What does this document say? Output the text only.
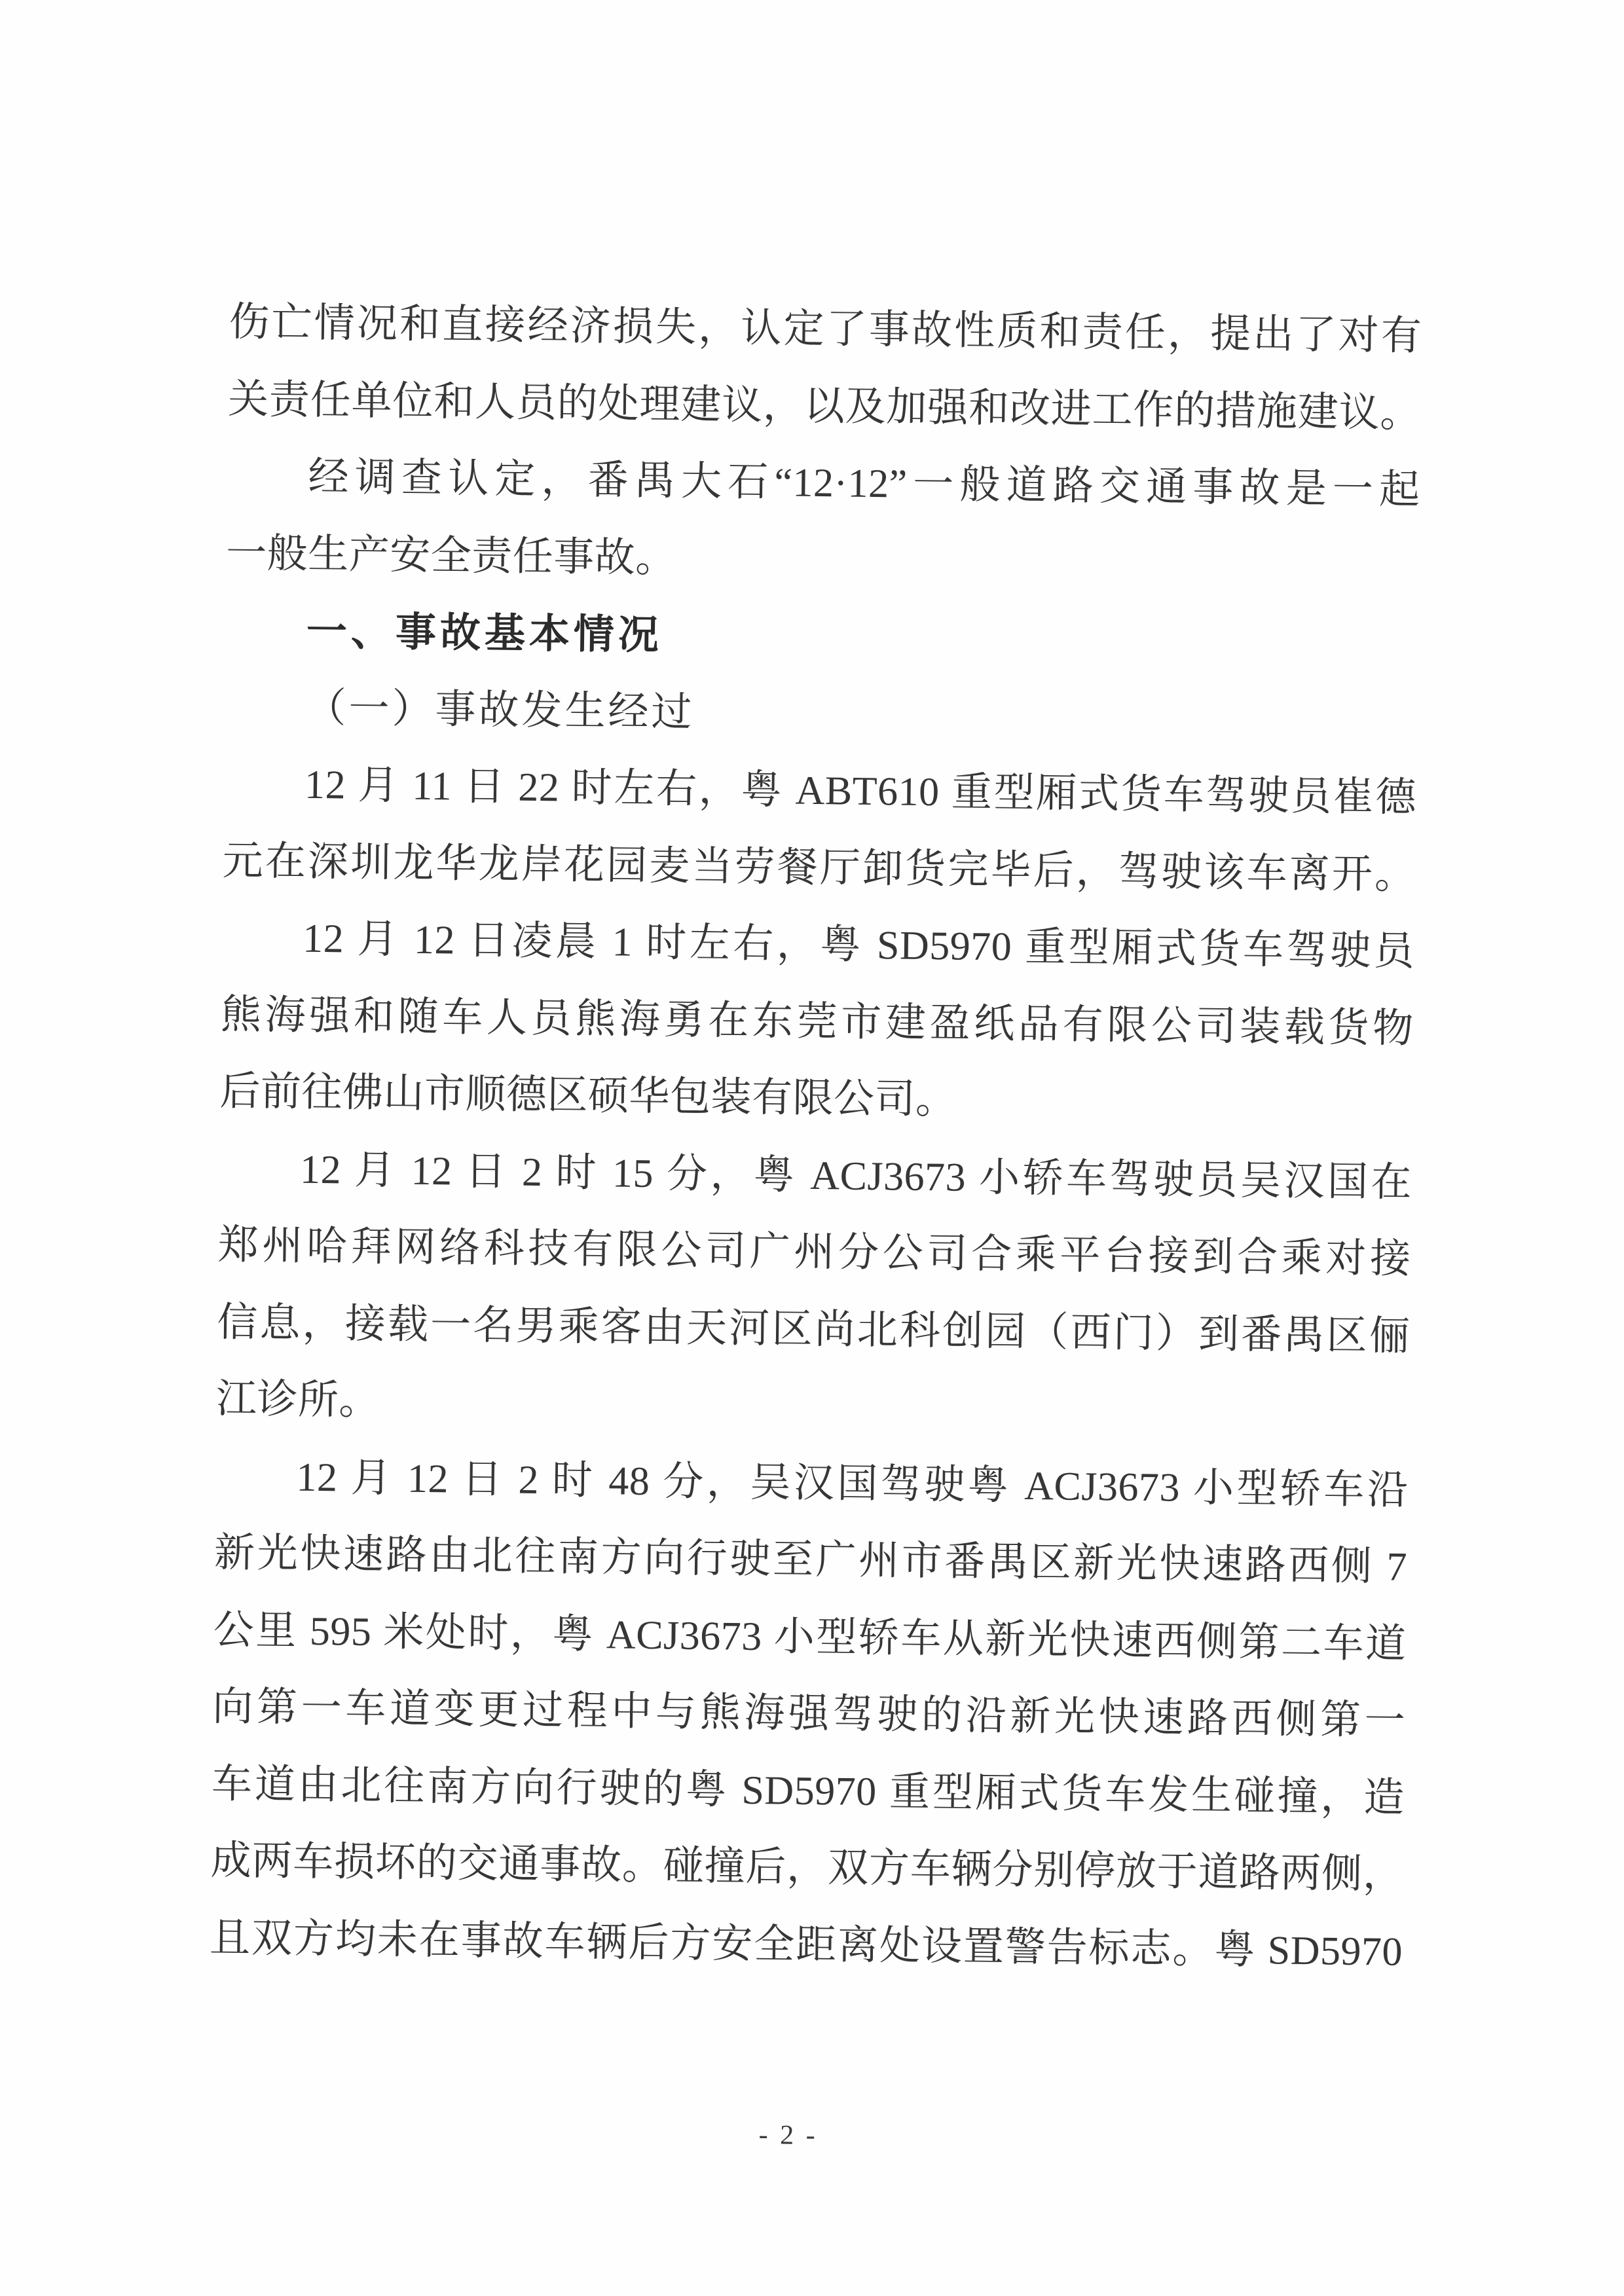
伤亡情况和直接经济损失，认定了事故性质和责任，提出了对有
关责任单位和人员的处理建议，以及加强和改进工作的措施建议。
经调查认定，番禺大石“12·12”一般道路交通事故是一起
一般生产安全责任事故。
一、事故基本情况
（一）事故发生经过
12 月 11 日 22 时左右，粤 ABT610 重型厢式货车驾驶员崔德
元在深圳龙华龙岸花园麦当劳餐厅卸货完毕后，驾驶该车离开。
12 月 12 日凌晨 1 时左右，粤 SD5970 重型厢式货车驾驶员
熊海强和随车人员熊海勇在东莞市建盈纸品有限公司装载货物
后前往佛山市顺德区硕华包装有限公司。
12 月 12 日 2 时 15 分，粤 ACJ3673 小轿车驾驶员吴汉国在
郑州哈拜网络科技有限公司广州分公司合乘平台接到合乘对接
信息，接载一名男乘客由天河区尚北科创园（西门）到番禺区俪
江诊所。
12 月 12 日 2 时 48 分，吴汉国驾驶粤 ACJ3673 小型轿车沿
新光快速路由北往南方向行驶至广州市番禺区新光快速路西侧 7
公里 595 米处时，粤 ACJ3673 小型轿车从新光快速西侧第二车道
向第一车道变更过程中与熊海强驾驶的沿新光快速路西侧第一
车道由北往南方向行驶的粤 SD5970 重型厢式货车发生碰撞，造
成两车损坏的交通事故。碰撞后，双方车辆分别停放于道路两侧，
且双方均未在事故车辆后方安全距离处设置警告标志。粤 SD5970
- 2 -
